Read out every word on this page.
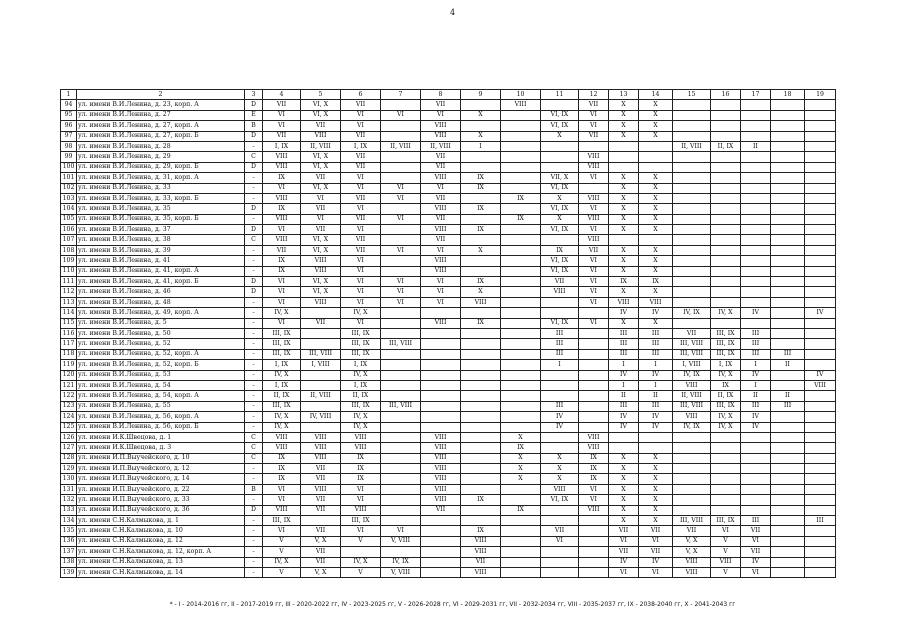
4
1	2	3	4	5	6	7	8	9	10	11	12	13	14	15	16	17	18	19
94	ул. имени В.И.Ленина, д. 23, корп. А	D	VII	VI, X	VII		VII		VIII		VII	X	X					
95	ул. имени В.И.Ленина, д. 27	E	VI	VI, X	VI	VI	VI	X		VI, IX	VI	X	X					
96	ул. имени В.И.Ленина, д. 27, корп. А	B	VI	VII	VI		VIII			VI, IX	VI	X	X					
97	ул. имени В.И.Ленина, д. 27, корп. Б	D	VII	VIII	VII		VIII	X		X	VII	X	X					
98	ул. имени В.И.Ленина, д. 28	-	I, IX	II, VIII	I, IX	II, VIII	II, VIII	I						II, VIII	II, IX	II		
99	ул. имени В.И.Ленина, д. 29	C	VIII	VI, X	VII		VII				VIII							
100	ул. имени В.И.Ленина, д. 29, корп. Б	D	VIII	VI, X	VII		VII				VIII							
101	ул. имени В.И.Ленина, д. 31, корп. А	-	IX	VII	VI		VIII	IX		VII, X	VI	X	X					
102	ул. имени В.И.Ленина, д. 33	-	VI	VI, X	VI	VI	VI	IX		VI, IX		X	X					
103	ул. имени В.И.Ленина, д. 33, корп. Б	-	VIII	VI	VII	VI	VII		IX	X	VIII	X	X					
104	ул. имени В.И.Ленина, д. 35	D	IX	VII	VI		VIII	IX		VI, IX	VI	X	X					
105	ул. имени В.И.Ленина, д. 35, корп. Б	-	VIII	VI	VII	VI	VII		IX	X	VIII	X	X					
106	ул. имени В.И.Ленина, д. 37	D	VI	VII	VI		VIII	IX		VI, IX	VI	X	X					
107	ул. имени В.И.Ленина, д. 38	C	VIII	VI, X	VII		VII				VIII							
108	ул. имени В.И.Ленина, д. 39	-	VII	VI, X	VII	VI	VI	X		IX	VII	X	X					
109	ул. имени В.И.Ленина, д. 41	-	IX	VIII	VI		VIII			VI, IX	VI	X	X					
110	ул. имени В.И.Ленина, д. 41, корп. А	-	IX	VIII	VI		VIII			VI, IX	VI	X	X					
111	ул. имени В.И.Ленина, д. 41, корп. Б	D	VI	VI, X	VI	VI	VI	IX		VII	VI	IX	IX					
112	ул. имени В.И.Ленина, д. 46	D	VI	VI, X	VI	VI	VI	X		VIII	VI	X	X					
113	ул. имени В.И.Ленина, д. 48	-	VI	VIII	VI	VI	VI	VIII			VI	VIII	VIII					
114	ул. имени В.И.Ленина, д. 49, корп. А	-	IV, X		IV, X							IV	IV	IV, IX	IV, X	IV		IV
115	ул. имени В.И.Ленина, д. 5	-	VI	VII	VI		VIII	IX		VI, IX	VI	X	X					
116	ул. имени В.И.Ленина, д. 50	-	III, IX		III, IX					III		III	III	VII	III, IX	III		
117	ул. имени В.И.Ленина, д. 52	-	III, IX		III, IX	III, VIII				III		III	III	III, VIII	III, IX	III		
118	ул. имени В.И.Ленина, д. 52, корп. А	-	III, IX	III, VIII	III, IX					III		III	III	III, VIII	III, IX	III	III	
119	ул. имени В.И.Ленина, д. 52, корп. Б	-	I, IX	I, VIII	I, IX					I		I	I	I, VIII	I, IX	I	II	
120	ул. имени В.И.Ленина, д. 53	-	IV, X		IV, X							IV	IV	IV, IX	IV, X	IV		IV
121	ул. имени В.И.Ленина, д. 54	-	I, IX		I, IX							I	I	VIII	IX	I		VIII
122	ул. имени В.И.Ленина, д. 54, корп. А	-	II, IX	II, VIII	II, IX							II	II	II, VIII	II, IX	II	II	
123	ул. имени В.И.Ленина, д. 55	-	III, IX		III, IX	III, VIII				III		III	III	III, VIII	III, IX	III	III	
124	ул. имени В.И.Ленина, д. 56, корп. А	-	IV, X	IV, VIII	IV, X					IV		IV	IV	VIII	IV, X	IV		
125	ул. имени В.И.Ленина, д. 56, корп. Б	-	IV, X		IV, X					IV		IV	IV	IV, IX	IV, X	IV		
126	ул. имени И.К.Швецова, д. 1	C	VIII	VIII	VIII		VIII		X		VIII							
127	ул. имени И.К.Швецова, д. 3	C	VIII	VIII	VIII		VIII		IX		VIII							
128	ул. имени И.П.Выучейского, д. 10	C	IX	VIII	IX		VIII		X	X	IX	X	X					
129	ул. имени И.П.Выучейского, д. 12	-	IX	VII	IX		VIII		X	X	IX	X	X					
130	ул. имени И.П.Выучейского, д. 14	-	IX	VII	IX		VIII		X	X	IX	X	X					
131	ул. имени И.П.Выучейского, д. 22	B	VI	VIII	VI		VIII			VIII	VI	X	X					
132	ул. имени И.П.Выучейского, д. 33	-	VI	VII	VI		VIII	IX		VI, IX	VI	X	X					
133	ул. имени И.П.Выучейского, д. 36	D	VIII	VII	VIII		VII		IX		VIII	X	X					
134	ул. имени С.Н.Калмыкова, д. 1	-	III, IX		III, IX							X	X	III, VIII	III, IX	III		III
135	ул. имени С.Н.Калмыкова, д. 10	-	VI	VII	VI	VI		IX		VII		VII	VII	VII	VI	VII		
136	ул. имени С.Н.Калмыкова, д. 12	-	V	V, X	V	V, VIII		VIII		VI		VI	VI	V, X	V	VI		
137	ул. имени С.Н.Калмыкова, д. 12, корп. А	-	V	VII				VIII				VII	VII	V, X	V	VII		
138	ул. имени С.Н.Калмыкова, д. 13	-	IV, X	VII	IV, X	IV, IX		VII				IV	IV	VIII	VIII	IV		
139	ул. имени С.Н.Калмыкова, д. 14	-	V	V, X	V	V, VIII		VIII				VI	VI	VIII	V	VI		
* - I - 2014-2016 гг, II - 2017-2019 гг, III - 2020-2022 гг, IV - 2023-2025 гг, V - 2026-2028 гг, VI - 2029-2031 гг, VII - 2032-2034 гг, VIII - 2035-2037 гг, IX - 2038-2040 гг, X - 2041-2043 гг
